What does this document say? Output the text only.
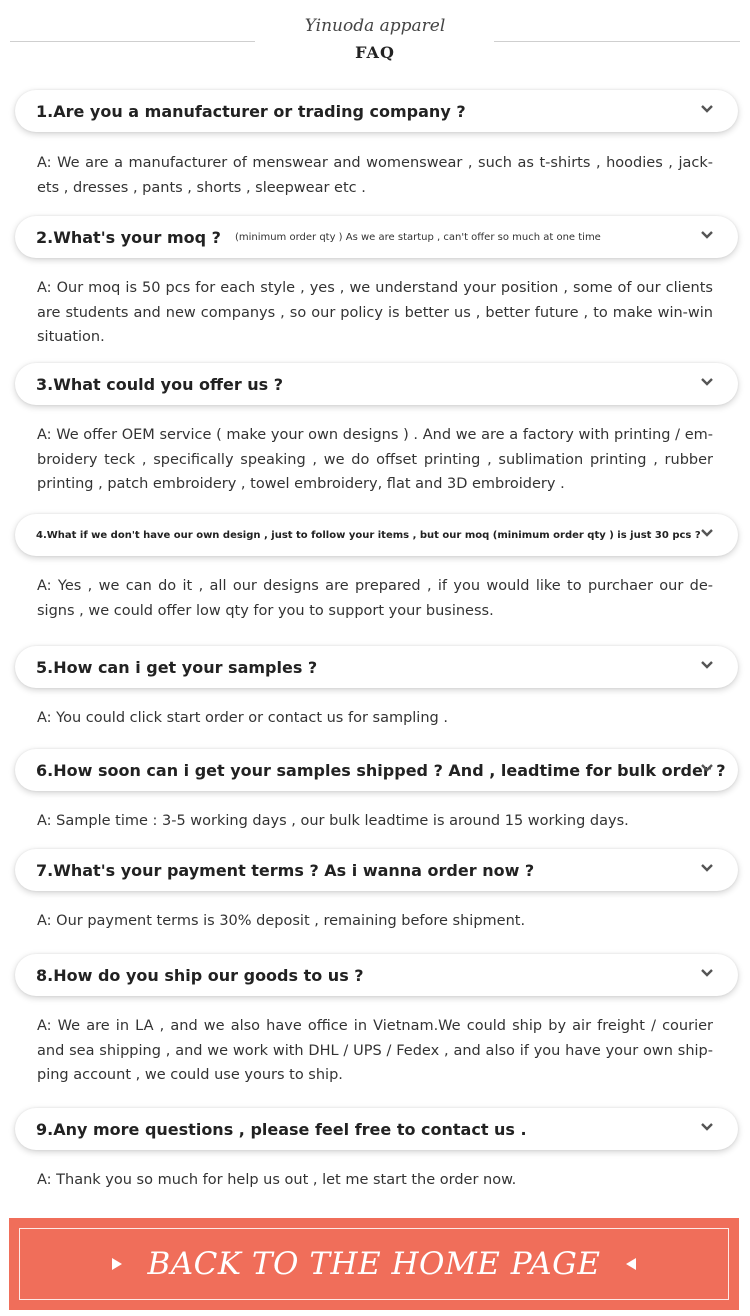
Yinuoda apparel
FAQ
1.Are you a manufacturer or trading company ?
A: We are a manufacturer of menswear and womenswear , such as t-shirts , hoodies , jack- ets , dresses , pants , shorts , sleepwear etc .
2.What's your moq ? (minimum order qty ) As we are startup , can't offer so much at one time
A: Our moq is 50 pcs for each style , yes , we understand your position , some of our clients are students and new companys , so our policy is better us , better future , to make win-win situation.
3.What could you offer us ?
A: We offer OEM service ( make your own designs ) . And we are a factory with printing / em- broidery teck , specifically speaking , we do offset printing , sublimation printing , rubber printing , patch embroidery , towel embroidery, flat and 3D embroidery .
4.What if we don't have our own design , just to follow your items , but our moq (minimum order qty ) is just 30 pcs ?
A: Yes , we can do it , all our designs are prepared , if you would like to purchaer our de- signs , we could offer low qty for you to support your business.
5.How can i get your samples ?
A: You could click start order or contact us for sampling .
6.How soon can i get your samples shipped ? And , leadtime for bulk order ?
A: Sample time : 3-5 working days , our bulk leadtime is around 15 working days.
7.What's your payment terms ? As i wanna order now ?
A: Our payment terms is 30% deposit , remaining before shipment.
8.How do you ship our goods to us ?
A: We are in LA , and we also have office in Vietnam.We could ship by air freight / courier and sea shipping , and we work with DHL / UPS / Fedex , and also if you have your own ship- ping account , we could use yours to ship.
9.Any more questions , please feel free to contact us .
A: Thank you so much for help us out , let me start the order now.
BACK TO THE HOME PAGE
